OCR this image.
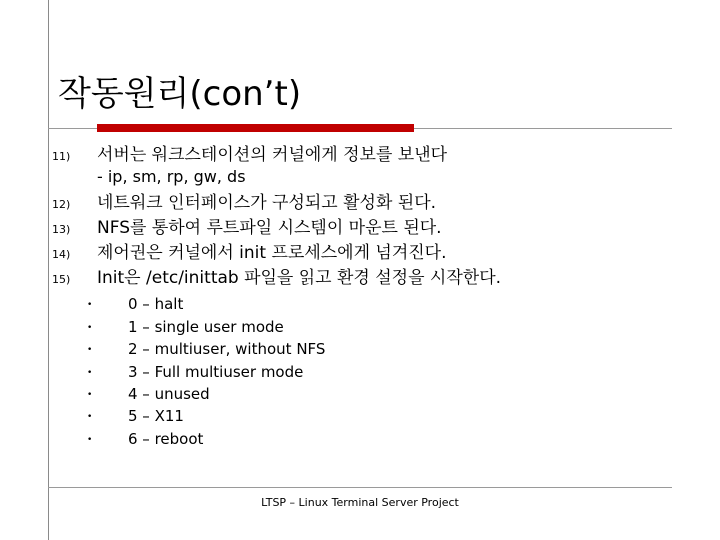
작동원리(con’t)
11) 서버는 워크스테이션의 커널에게 정보를 보낸다
- ip, sm, rp, gw, ds
12) 네트워크 인터페이스가 구성되고 활성화 된다.
13) NFS를 통하여 루트파일 시스템이 마운트 된다.
14) 제어권은 커널에서 init 프로세스에게 넘겨진다.
15) Init은 /etc/inittab 파일을 읽고 환경 설정을 시작한다.
• 0 – halt
• 1 – single user mode
• 2 – multiuser, without NFS
• 3 – Full multiuser mode
• 4 – unused
• 5 – X11
• 6 – reboot
LTSP – Linux Terminal Server Project
